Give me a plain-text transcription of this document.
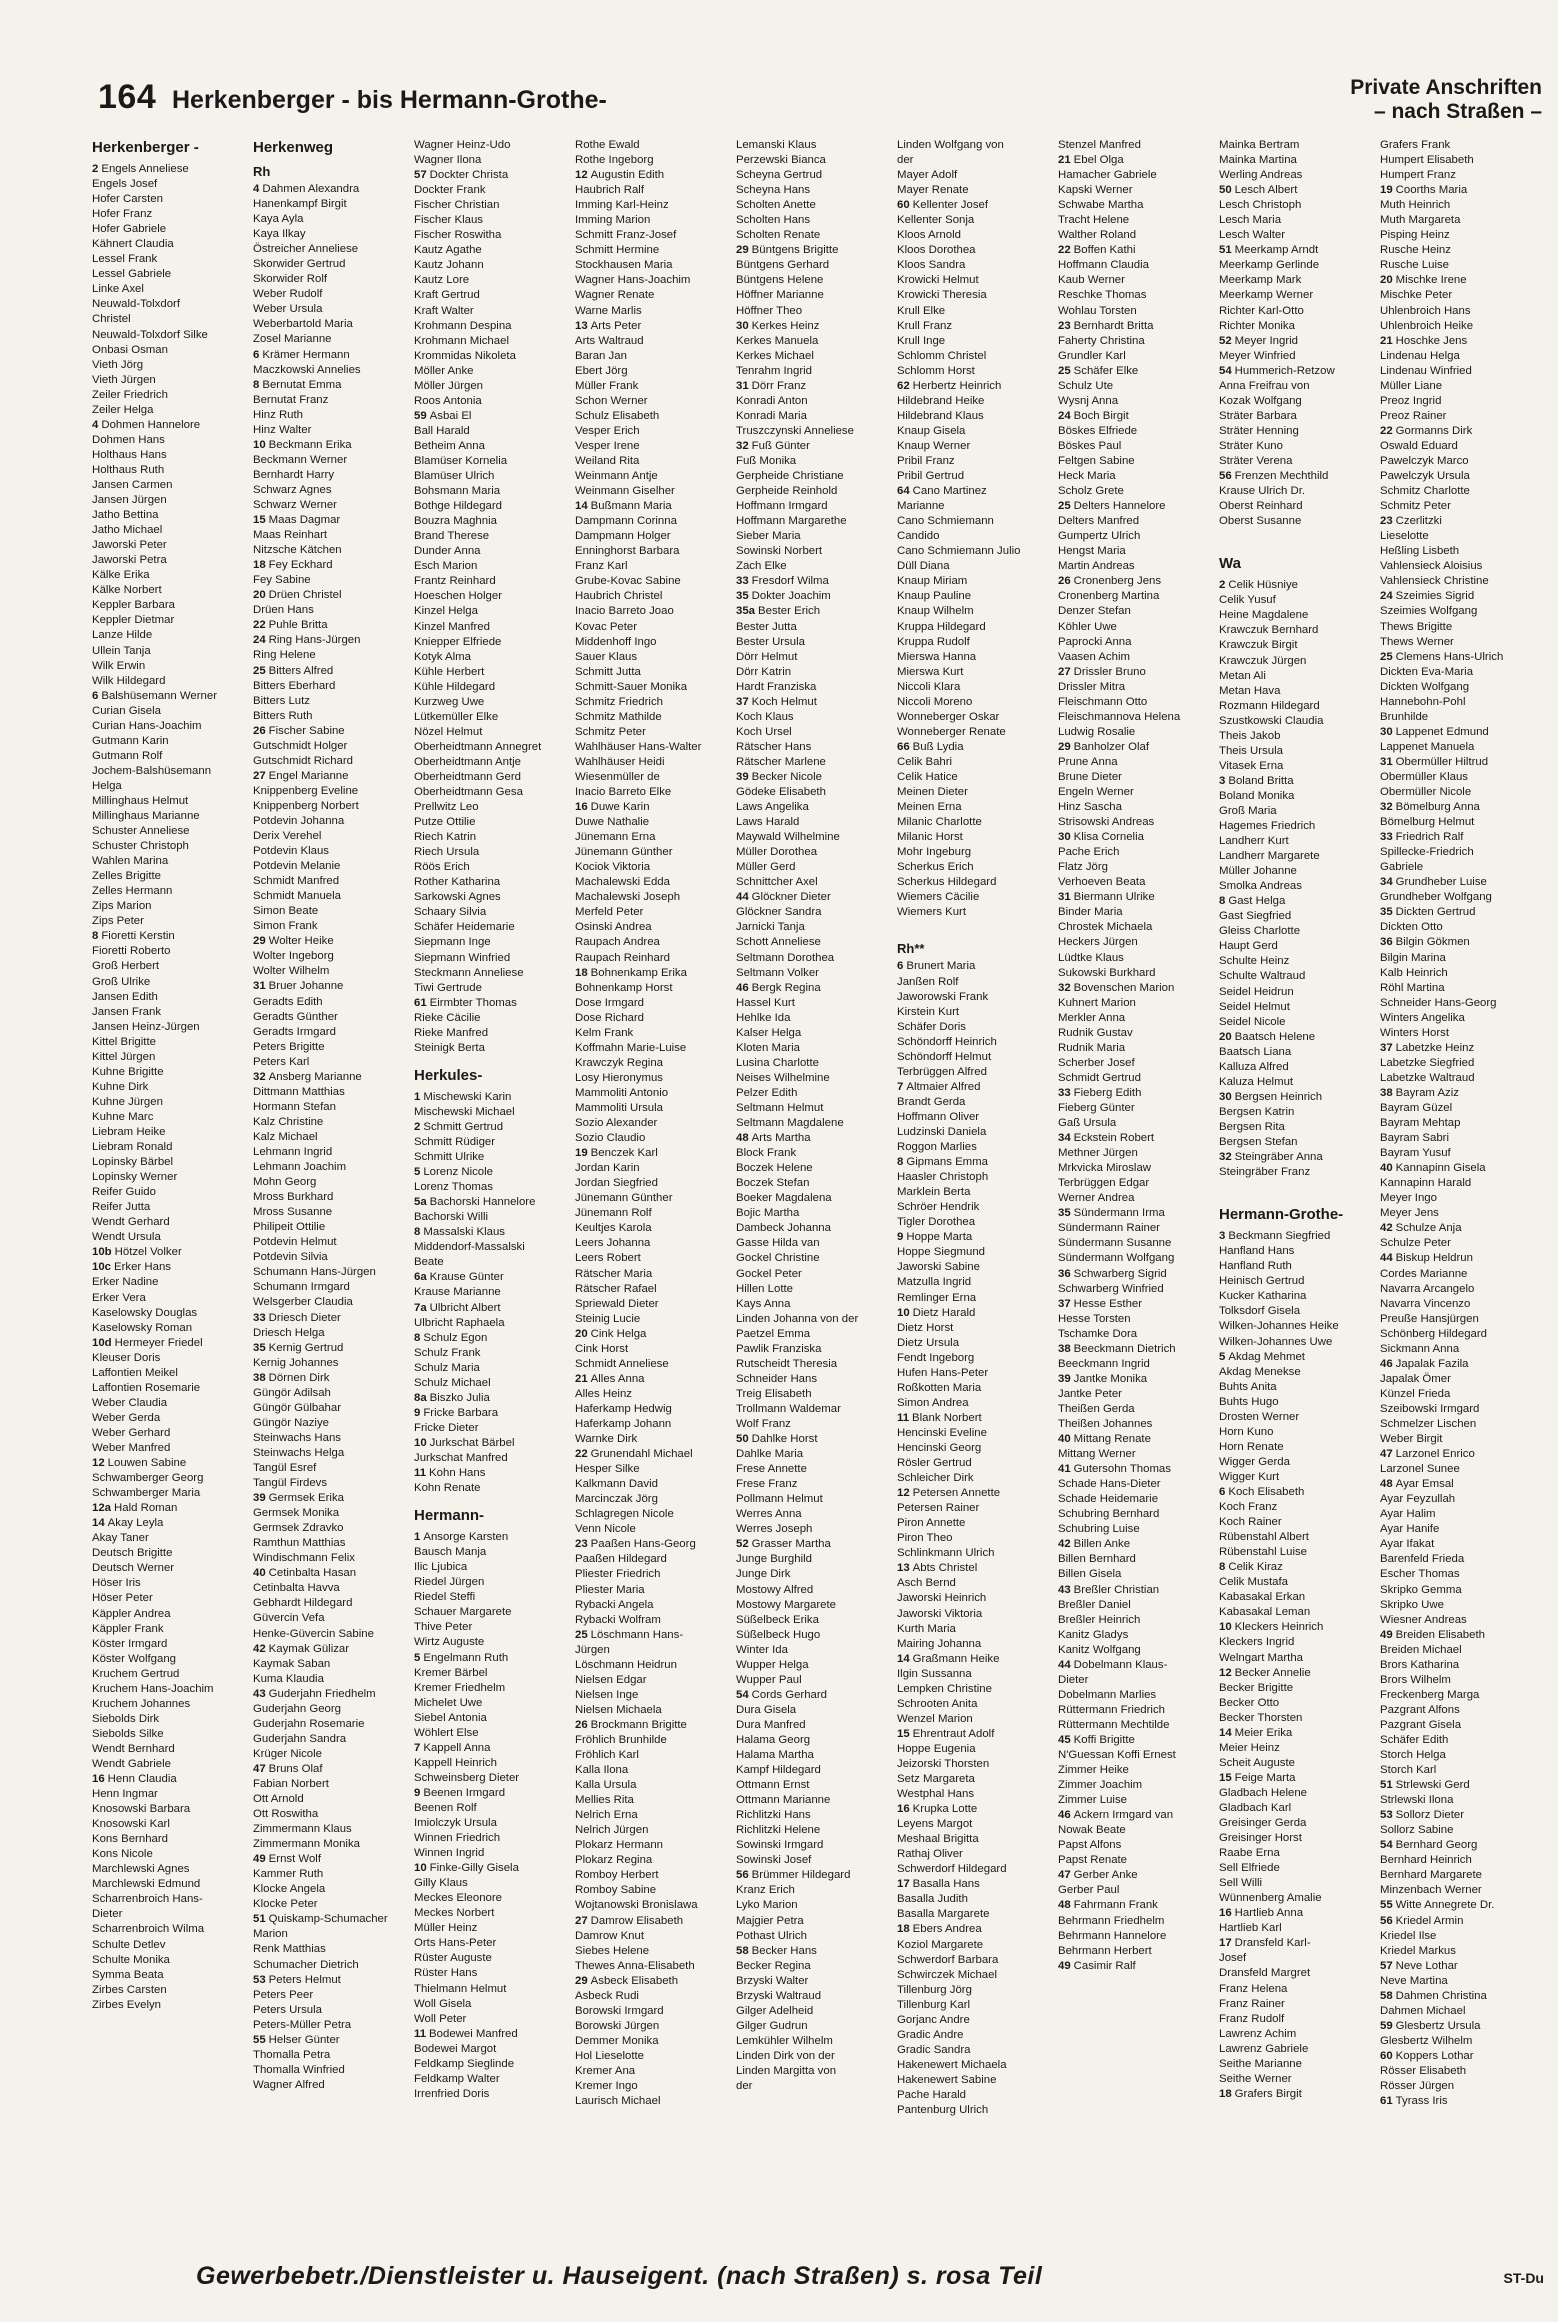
164 Herkenberger - bis Hermann-Grothe-	Private Anschriften
– nach Straßen –
Herkenberger -
2 Engels Anneliese
Engels Josef
Hofer Carsten
Hofer Franz
Hofer Gabriele
Kähnert Claudia
Lessel Frank
Lessel Gabriele
Linke Axel
Neuwald-Tolxdorf
Christel
Neuwald-Tolxdorf Silke
Onbasi Osman
Vieth Jörg
Vieth Jürgen
Zeiler Friedrich
Zeiler Helga
4 Dohmen Hannelore
Dohmen Hans
Holthaus Hans
Holthaus Ruth
Jansen Carmen
Jansen Jürgen
Jatho Bettina
Jatho Michael
Jaworski Peter
Jaworski Petra
Kälke Erika
Kälke Norbert
Keppler Barbara
Keppler Dietmar
Lanze Hilde
Ullein Tanja
Wilk Erwin
Wilk Hildegard
6 Balshüsemann Werner
Curian Gisela
Curian Hans-Joachim
Gutmann Karin
Gutmann Rolf
Jochem-Balshüsemann
Helga
Millinghaus Helmut
Millinghaus Marianne
Schuster Anneliese
Schuster Christoph
Wahlen Marina
Zelles Brigitte
Zelles Hermann
Zips Marion
Zips Peter
8 Fioretti Kerstin
Fioretti Roberto
Groß Herbert
Groß Ulrike
Jansen Edith
Jansen Frank
Jansen Heinz-Jürgen
Kittel Brigitte
Kittel Jürgen
Kuhne Brigitte
Kuhne Dirk
Kuhne Jürgen
Kuhne Marc
Liebram Heike
Liebram Ronald
Lopinsky Bärbel
Lopinsky Werner
Reifer Guido
Reifer Jutta
Wendt Gerhard
Wendt Ursula
10b Hötzel Volker
10c Erker Hans
Erker Nadine
Erker Vera
Kaselowsky Douglas
Kaselowsky Roman
10d Hermeyer Friedel
Kleuser Doris
Laffontien Meikel
Laffontien Rosemarie
Weber Claudia
Weber Gerda
Weber Gerhard
Weber Manfred
12 Louwen Sabine
Schwamberger Georg
Schwamberger Maria
12a Hald Roman
14 Akay Leyla
Akay Taner
Deutsch Brigitte
Deutsch Werner
Höser Iris
Höser Peter
Käppler Andrea
Käppler Frank
Köster Irmgard
Köster Wolfgang
Kruchem Gertrud
Kruchem Hans-Joachim
Kruchem Johannes
Siebolds Dirk
Siebolds Silke
Wendt Bernhard
Wendt Gabriele
16 Henn Claudia
Henn Ingmar
Knosowski Barbara
Knosowski Karl
Kons Bernhard
Kons Nicole
Marchlewski Agnes
Marchlewski Edmund
Scharrenbroich Hans-
Dieter
Scharrenbroich Wilma
Schulte Detlev
Schulte Monika
Symma Beata
Zirbes Carsten
Zirbes Evelyn
Herkenweg
Rh
4 Dahmen Alexandra
Hanenkampf Birgit
Kaya Ayla
Kaya Ilkay
Östreicher Anneliese
Skorwider Gertrud
Skorwider Rolf
Weber Rudolf
Weber Ursula
Weberbartold Maria
Zosel Marianne
6 Krämer Hermann
Maczkowski Annelies
8 Bernutat Emma
Bernutat Franz
Hinz Ruth
Hinz Walter
10 Beckmann Erika
Beckmann Werner
Bernhardt Harry
Schwarz Agnes
Schwarz Werner
15 Maas Dagmar
Maas Reinhart
Nitzsche Kätchen
18 Fey Eckhard
Fey Sabine
20 Drüen Christel
Drüen Hans
22 Puhle Britta
24 Ring Hans-Jürgen
Ring Helene
25 Bitters Alfred
Bitters Eberhard
Bitters Lutz
Bitters Ruth
26 Fischer Sabine
Gutschmidt Holger
Gutschmidt Richard
27 Engel Marianne
Knippenberg Eveline
Knippenberg Norbert
Potdevin Johanna
Derix Verehel
Potdevin Klaus
Potdevin Melanie
Schmidt Manfred
Schmidt Manuela
Simon Beate
Simon Frank
29 Wolter Heike
Wolter Ingeborg
Wolter Wilhelm
31 Bruer Johanne
Geradts Edith
Geradts Günther
Geradts Irmgard
Peters Brigitte
Peters Karl
32 Ansberg Marianne
Dittmann Matthias
Hormann Stefan
Kalz Christine
Kalz Michael
Lehmann Ingrid
Lehmann Joachim
Mohn Georg
Mross Burkhard
Mross Susanne
Philipeit Ottilie
Potdevin Helmut
Potdevin Silvia
Schumann Hans-Jürgen
Schumann Irmgard
Welsgerber Claudia
33 Driesch Dieter
Driesch Helga
35 Kernig Gertrud
Kernig Johannes
38 Dörnen Dirk
Güngör Adilsah
Güngör Gülbahar
Güngör Naziye
Steinwachs Hans
Steinwachs Helga
Tangül Esref
Tangül Firdevs
39 Germsek Erika
Germsek Monika
Germsek Zdravko
Ramthun Matthias
Windischmann Felix
40 Cetinbalta Hasan
Cetinbalta Havva
Gebhardt Hildegard
Güvercin Vefa
Henke-Güvercin Sabine
42 Kaymak Gülizar
Kaymak Saban
Kuma Klaudia
43 Guderjahn Friedhelm
Guderjahn Georg
Guderjahn Rosemarie
Guderjahn Sandra
Krüger Nicole
47 Bruns Olaf
Fabian Norbert
Ott Arnold
Ott Roswitha
Zimmermann Klaus
Zimmermann Monika
49 Ernst Wolf
Kammer Ruth
Klocke Angela
Klocke Peter
51 Quiskamp-Schumacher
Marion
Renk Matthias
Schumacher Dietrich
53 Peters Helmut
Peters Peer
Peters Ursula
Peters-Müller Petra
55 Helser Günter
Thomalla Petra
Thomalla Winfried
Wagner Alfred
Wagner Heinz-Udo
Wagner Ilona
57 Dockter Christa
Dockter Frank
Fischer Christian
Fischer Klaus
Fischer Roswitha
Kautz Agathe
Kautz Johann
Kautz Lore
Kraft Gertrud
Kraft Walter
Krohmann Despina
Krohmann Michael
Krommidas Nikoleta
Möller Anke
Möller Jürgen
Roos Antonia
59 Asbai El
Ball Harald
Betheim Anna
Blamüser Kornelia
Blamüser Ulrich
Bohsmann Maria
Bothge Hildegard
Bouzra Maghnia
Brand Therese
Dunder Anna
Esch Marion
Frantz Reinhard
Hoeschen Holger
Kinzel Helga
Kinzel Manfred
Kniepper Elfriede
Kotyk Alma
Kühle Herbert
Kühle Hildegard
Kurzweg Uwe
Lütkemüller Elke
Nözel Helmut
Oberheidtmann Annegret
Oberheidtmann Antje
Oberheidtmann Gerd
Oberheidtmann Gesa
Prellwitz Leo
Putze Ottilie
Riech Katrin
Riech Ursula
Röös Erich
Rother Katharina
Sarkowski Agnes
Schaary Silvia
Schäfer Heidemarie
Siepmann Inge
Siepmann Winfried
Steckmann Anneliese
Tiwi Gertrude
61 Eirmbter Thomas
Rieke Cäcilie
Rieke Manfred
Steinigk Berta
Herkules-
1 Mischewski Karin
Mischewski Michael
2 Schmitt Gertrud
Schmitt Rüdiger
Schmitt Ulrike
5 Lorenz Nicole
Lorenz Thomas
5a Bachorski Hannelore
Bachorski Willi
8 Massalski Klaus
Middendorf-Massalski
Beate
6a Krause Günter
Krause Marianne
7a Ulbricht Albert
Ulbricht Raphaela
8 Schulz Egon
Schulz Frank
Schulz Maria
Schulz Michael
8a Biszko Julia
9 Fricke Barbara
Fricke Dieter
10 Jurkschat Bärbel
Jurkschat Manfred
11 Kohn Hans
Kohn Renate
Hermann-
1 Ansorge Karsten
Bausch Manja
Ilic Ljubica
Riedel Jürgen
Riedel Steffi
Schauer Margarete
Thive Peter
Wirtz Auguste
5 Engelmann Ruth
Kremer Bärbel
Kremer Friedhelm
Michelet Uwe
Siebel Antonia
Wöhlert Else
7 Kappell Anna
Kappell Heinrich
Schweinsberg Dieter
9 Beenen Irmgard
Beenen Rolf
Imiolczyk Ursula
Winnen Friedrich
Winnen Ingrid
10 Finke-Gilly Gisela
Gilly Klaus
Meckes Eleonore
Meckes Norbert
Müller Heinz
Orts Hans-Peter
Rüster Auguste
Rüster Hans
Thielmann Helmut
Woll Gisela
Woll Peter
11 Bodewei Manfred
Bodewei Margot
Feldkamp Sieglinde
Feldkamp Walter
Irrenfried Doris
Rothe Ewald
Rothe Ingeborg
12 Augustin Edith
Haubrich Ralf
Imming Karl-Heinz
Imming Marion
Schmitt Franz-Josef
Schmitt Hermine
Stockhausen Maria
Wagner Hans-Joachim
Wagner Renate
Warne Marlis
13 Arts Peter
Arts Waltraud
Baran Jan
Ebert Jörg
Müller Frank
Schon Werner
Schulz Elisabeth
Vesper Erich
Vesper Irene
Weiland Rita
Weinmann Antje
Weinmann Giselher
14 Bußmann Maria
Dampmann Corinna
Dampmann Holger
Enninghorst Barbara
Franz Karl
Grube-Kovac Sabine
Haubrich Christel
Inacio Barreto Joao
Kovac Peter
Middenhoff Ingo
Sauer Klaus
Schmitt Jutta
Schmitt-Sauer Monika
Schmitz Friedrich
Schmitz Mathilde
Schmitz Peter
Wahlhäuser Hans-Walter
Wahlhäuser Heidi
Wiesenmüller de
Inacio Barreto Elke
16 Duwe Karin
Duwe Nathalie
Jünemann Erna
Jünemann Günther
Kociok Viktoria
Machalewski Edda
Machalewski Joseph
Merfeld Peter
Osinski Andrea
Raupach Andrea
Raupach Reinhard
18 Bohnenkamp Erika
Bohnenkamp Horst
Dose Irmgard
Dose Richard
Kelm Frank
Koffmahn Marie-Luise
Krawczyk Regina
Losy Hieronymus
Mammoliti Antonio
Mammoliti Ursula
Sozio Alexander
Sozio Claudio
19 Benczek Karl
Jordan Karin
Jordan Siegfried
Jünemann Günther
Jünemann Rolf
Keultjes Karola
Leers Johanna
Leers Robert
Rätscher Maria
Rätscher Rafael
Spriewald Dieter
Steinig Lucie
20 Cink Helga
Cink Horst
Schmidt Anneliese
21 Alles Anna
Alles Heinz
Haferkamp Hedwig
Haferkamp Johann
Warnke Dirk
22 Grunendahl Michael
Hesper Silke
Kalkmann David
Marcinczak Jörg
Schlagregen Nicole
Venn Nicole
23 Paaßen Hans-Georg
Paaßen Hildegard
Pliester Friedrich
Pliester Maria
Rybacki Angela
Rybacki Wolfram
25 Löschmann Hans-
Jürgen
Löschmann Heidrun
Nielsen Edgar
Nielsen Inge
Nielsen Michaela
26 Brockmann Brigitte
Fröhlich Brunhilde
Fröhlich Karl
Kalla Ilona
Kalla Ursula
Mellies Rita
Nelrich Erna
Nelrich Jürgen
Plokarz Hermann
Plokarz Regina
Romboy Herbert
Romboy Sabine
Wojtanowski Bronislawa
27 Damrow Elisabeth
Damrow Knut
Siebes Helene
Thewes Anna-Elisabeth
29 Asbeck Elisabeth
Asbeck Rudi
Borowski Irmgard
Borowski Jürgen
Demmer Monika
Hol Lieselotte
Kremer Ana
Kremer Ingo
Laurisch Michael
Lemanski Klaus
Perzewski Bianca
Scheyna Gertrud
Scheyna Hans
Scholten Anette
Scholten Hans
Scholten Renate
29 Büntgens Brigitte
Büntgens Gerhard
Büntgens Helene
Höffner Marianne
Höffner Theo
30 Kerkes Heinz
Kerkes Manuela
Kerkes Michael
Tenrahm Ingrid
31 Dörr Franz
Konradi Anton
Konradi Maria
Truszczynski Anneliese
32 Fuß Günter
Fuß Monika
Gerpheide Christiane
Gerpheide Reinhold
Hoffmann Irmgard
Hoffmann Margarethe
Sieber Maria
Sowinski Norbert
Zach Elke
33 Fresdorf Wilma
35 Dokter Joachim
35a Bester Erich
Bester Jutta
Bester Ursula
Dörr Helmut
Dörr Katrin
Hardt Franziska
37 Koch Helmut
Koch Klaus
Koch Ursel
Rätscher Hans
Rätscher Marlene
39 Becker Nicole
Gödeke Elisabeth
Laws Angelika
Laws Harald
Maywald Wilhelmine
Müller Dorothea
Müller Gerd
Schnittcher Axel
44 Glöckner Dieter
Glöckner Sandra
Jarnicki Tanja
Schott Anneliese
Seltmann Dorothea
Seltmann Volker
46 Bergk Regina
Hassel Kurt
Hehlke Ida
Kalser Helga
Kloten Maria
Lusina Charlotte
Neises Wilhelmine
Pelzer Edith
Seltmann Helmut
Seltmann Magdalene
48 Arts Martha
Block Frank
Boczek Helene
Boczek Stefan
Boeker Magdalena
Bojic Martha
Dambeck Johanna
Gasse Hilda van
Gockel Christine
Gockel Peter
Hillen Lotte
Kays Anna
Linden Johanna von der
Paetzel Emma
Pawlik Franziska
Rutscheidt Theresia
Schneider Hans
Treig Elisabeth
Trollmann Waldemar
Wolf Franz
50 Dahlke Horst
Dahlke Maria
Frese Annette
Frese Franz
Pollmann Helmut
Werres Anna
Werres Joseph
52 Grasser Martha
Junge Burghild
Junge Dirk
Mostowy Alfred
Mostowy Margarete
Süßelbeck Erika
Süßelbeck Hugo
Winter Ida
Wupper Helga
Wupper Paul
54 Cords Gerhard
Dura Gisela
Dura Manfred
Halama Georg
Halama Martha
Kampf Hildegard
Ottmann Ernst
Ottmann Marianne
Richlitzki Hans
Richlitzki Helene
Sowinski Irmgard
Sowinski Josef
56 Brümmer Hildegard
Kranz Erich
Lyko Marion
Majgier Petra
Pothast Ulrich
58 Becker Hans
Becker Regina
Brzyski Walter
Brzyski Waltraud
Gilger Adelheid
Gilger Gudrun
Lemkühler Wilhelm
Linden Dirk von der
Linden Margitta von
der
Linden Wolfgang von
der
Mayer Adolf
Mayer Renate
60 Kellenter Josef
Kellenter Sonja
Kloos Arnold
Kloos Dorothea
Kloos Sandra
Krowicki Helmut
Krowicki Theresia
Krull Elke
Krull Franz
Krull Inge
Schlomm Christel
Schlomm Horst
62 Herbertz Heinrich
Hildebrand Heike
Hildebrand Klaus
Knaup Gisela
Knaup Werner
Pribil Franz
Pribil Gertrud
64 Cano Martinez
Marianne
Cano Schmiemann
Candido
Cano Schmiemann Julio
Düll Diana
Knaup Miriam
Knaup Pauline
Knaup Wilhelm
Kruppa Hildegard
Kruppa Rudolf
Mierswa Hanna
Mierswa Kurt
Niccoli Klara
Niccoli Moreno
Wonneberger Oskar
Wonneberger Renate
66 Buß Lydia
Celik Bahri
Celik Hatice
Meinen Dieter
Meinen Erna
Milanic Charlotte
Milanic Horst
Mohr Ingeburg
Scherkus Erich
Scherkus Hildegard
Wiemers Cäcilie
Wiemers Kurt

Rh**
6 Brunert Maria
Janßen Rolf
Jaworowski Frank
Kirstein Kurt
Schäfer Doris
Schöndorff Heinrich
Schöndorff Helmut
Terbrüggen Alfred
7 Altmaier Alfred
Brandt Gerda
Hoffmann Oliver
Ludzinski Daniela
Roggon Marlies
8 Gipmans Emma
Haasler Christoph
Marklein Berta
Schröer Hendrik
Tigler Dorothea
9 Hoppe Marta
Hoppe Siegmund
Jaworski Sabine
Matzulla Ingrid
Remlinger Erna
10 Dietz Harald
Dietz Horst
Dietz Ursula
Fendt Ingeborg
Hufen Hans-Peter
Roßkotten Maria
Simon Andrea
11 Blank Norbert
Hencinski Eveline
Hencinski Georg
Rösler Gertrud
Schleicher Dirk
12 Petersen Annette
Petersen Rainer
Piron Annette
Piron Theo
Schlinkmann Ulrich
13 Abts Christel
Asch Bernd
Jaworski Heinrich
Jaworski Viktoria
Kurth Maria
Mairing Johanna
14 Graßmann Heike
Ilgin Sussanna
Lempken Christine
Schrooten Anita
Wenzel Marion
15 Ehrentraut Adolf
Hoppe Eugenia
Jeizorski Thorsten
Setz Margareta
Westphal Hans
16 Krupka Lotte
Leyens Margot
Meshaal Brigitta
Rathaj Oliver
Schwerdorf Hildegard
17 Basalla Hans
Basalla Judith
Basalla Margarete
18 Ebers Andrea
Koziol Margarete
Schwerdorf Barbara
Schwirczek Michael
Tillenburg Jörg
Tillenburg Karl
Gorjanc Andre
Gradic Andre
Gradic Sandra
Hakenewert Michaela
Hakenewert Sabine
Pache Harald
Pantenburg Ulrich
Stenzel Manfred
21 Ebel Olga
Hamacher Gabriele
Kapski Werner
Schwabe Martha
Tracht Helene
Walther Roland
22 Boffen Kathi
Hoffmann Claudia
Kaub Werner
Reschke Thomas
Wohlau Torsten
23 Bernhardt Britta
Faherty Christina
Grundler Karl
25 Schäfer Elke
Schulz Ute
Wysnj Anna
24 Boch Birgit
Böskes Elfriede
Böskes Paul
Feltgen Sabine
Heck Maria
Scholz Grete
25 Delters Hannelore
Delters Manfred
Gumpertz Ulrich
Hengst Maria
Martin Andreas
26 Cronenberg Jens
Cronenberg Martina
Denzer Stefan
Köhler Uwe
Paprocki Anna
Vaasen Achim
27 Drissler Bruno
Drissler Mitra
Fleischmann Otto
Fleischmannova Helena
Ludwig Rosalie
29 Banholzer Olaf
Prune Anna
Brune Dieter
Engeln Werner
Hinz Sascha
Strisowski Andreas
30 Klisa Cornelia
Pache Erich
Flatz Jörg
Verhoeven Beata
31 Biermann Ulrike
Binder Maria
Chrostek Michaela
Heckers Jürgen
Lüdtke Klaus
Sukowski Burkhard
32 Bovenschen Marion
Kuhnert Marion
Merkler Anna
Rudnik Gustav
Rudnik Maria
Scherber Josef
Schmidt Gertrud
33 Fieberg Edith
Fieberg Günter
Gaß Ursula
34 Eckstein Robert
Methner Jürgen
Mrkvicka Miroslaw
Terbrüggen Edgar
Werner Andrea
35 Sündermann Irma
Sündermann Rainer
Sündermann Susanne
Sündermann Wolfgang
36 Schwarberg Sigrid
Schwarberg Winfried
37 Hesse Esther
Hesse Torsten
Tschamke Dora
38 Beeckmann Dietrich
Beeckmann Ingrid
39 Jantke Monika
Jantke Peter
Theißen Gerda
Theißen Johannes
40 Mittang Renate
Mittang Werner
41 Gutersohn Thomas
Schade Hans-Dieter
Schade Heidemarie
Schubring Bernhard
Schubring Luise
42 Billen Anke
Billen Bernhard
Billen Gisela
43 Breßler Christian
Breßler Daniel
Breßler Heinrich
Kanitz Gladys
Kanitz Wolfgang
44 Dobelmann Klaus-
Dieter
Dobelmann Marlies
Rüttermann Friedrich
Rüttermann Mechtilde
45 Koffi Brigitte
N'Guessan Koffi Ernest
Zimmer Heike
Zimmer Joachim
Zimmer Luise
46 Ackern Irmgard van
Nowak Beate
Papst Alfons
Papst Renate
47 Gerber Anke
Gerber Paul
48 Fahrmann Frank
Behrmann Friedhelm
Behrmann Hannelore
Behrmann Herbert
49 Casimir Ralf
Mainka Bertram
Mainka Martina
Werling Andreas
50 Lesch Albert
Lesch Christoph
Lesch Maria
Lesch Walter
51 Meerkamp Arndt
Meerkamp Gerlinde
Meerkamp Mark
Meerkamp Werner
Richter Karl-Otto
Richter Monika
52 Meyer Ingrid
Meyer Winfried
54 Hummerich-Retzow
Anna Freifrau von
Kozak Wolfgang
Sträter Barbara
Sträter Henning
Sträter Kuno
Sträter Verena
56 Frenzen Mechthild
Krause Ulrich Dr.
Oberst Reinhard
Oberst Susanne

Wa
2 Celik Hüsniye
Celik Yusuf
Heine Magdalene
Krawczuk Bernhard
Krawczuk Birgit
Krawczuk Jürgen
Metan Ali
Metan Hava
Rozmann Hildegard
Szustkowski Claudia
Theis Jakob
Theis Ursula
Vitasek Erna
3 Boland Britta
Boland Monika
Groß Maria
Hagemes Friedrich
Landherr Kurt
Landherr Margarete
Müller Johanne
Smolka Andreas
8 Gast Helga
Gast Siegfried
Gleiss Charlotte
Haupt Gerd
Schulte Heinz
Schulte Waltraud
Seidel Heidrun
Seidel Helmut
Seidel Nicole
20 Baatsch Helene
Baatsch Liana
Kalluza Alfred
Kaluza Helmut
30 Bergsen Heinrich
Bergsen Katrin
Bergsen Rita
Bergsen Stefan
32 Steingräber Anna
Steingräber Franz

Hermann-Grothe-
3 Beckmann Siegfried
Hanfland Hans
Hanfland Ruth
Heinisch Gertrud
Kucker Katharina
Tolksdorf Gisela
Wilken-Johannes Heike
Wilken-Johannes Uwe
5 Akdag Mehmet
Akdag Menekse
Buhts Anita
Buhts Hugo
Drosten Werner
Horn Kuno
Horn Renate
Wigger Gerda
Wigger Kurt
6 Koch Elisabeth
Koch Franz
Koch Rainer
Rübenstahl Albert
Rübenstahl Luise
8 Celik Kiraz
Celik Mustafa
Kabasakal Erkan
Kabasakal Leman
10 Kleckers Heinrich
Kleckers Ingrid
Welngart Martha
12 Becker Annelie
Becker Brigitte
Becker Otto
Becker Thorsten
14 Meier Erika
Meier Heinz
Scheit Auguste
15 Feige Marta
Gladbach Helene
Gladbach Karl
Greisinger Gerda
Greisinger Horst
Raabe Erna
Sell Elfriede
Sell Willi
Wünnenberg Amalie
16 Hartlieb Anna
Hartlieb Karl
17 Dransfeld Karl-
Josef
Dransfeld Margret
Franz Helena
Franz Rainer
Franz Rudolf
Lawrenz Achim
Lawrenz Gabriele
Seithe Marianne
Seithe Werner
18 Grafers Birgit
Grafers Frank
Humpert Elisabeth
Humpert Franz
19 Coorths Maria
Muth Heinrich
Muth Margareta
Pisping Heinz
Rusche Heinz
Rusche Luise
20 Mischke Irene
Mischke Peter
Uhlenbroich Hans
Uhlenbroich Heike
21 Hoschke Jens
Lindenau Helga
Lindenau Winfried
Müller Liane
Preoz Ingrid
Preoz Rainer
22 Gormanns Dirk
Oswald Eduard
Pawelczyk Marco
Pawelczyk Ursula
Schmitz Charlotte
Schmitz Peter
23 Czerlitzki
Lieselotte
Heßling Lisbeth
Vahlensieck Aloisius
Vahlensieck Christine
24 Szeimies Sigrid
Szeimies Wolfgang
Thews Brigitte
Thews Werner
25 Clemens Hans-Ulrich
Dickten Eva-Maria
Dickten Wolfgang
Hannebohn-Pohl
Brunhilde
30 Lappenet Edmund
Lappenet Manuela
31 Obermüller Hiltrud
Obermüller Klaus
Obermüller Nicole
32 Bömelburg Anna
Bömelburg Helmut
33 Friedrich Ralf
Spillecke-Friedrich
Gabriele
34 Grundheber Luise
Grundheber Wolfgang
35 Dickten Gertrud
Dickten Otto
36 Bilgin Gökmen
Bilgin Marina
Kalb Heinrich
Röhl Martina
Schneider Hans-Georg
Winters Angelika
Winters Horst
37 Labetzke Heinz
Labetzke Siegfried
Labetzke Waltraud
38 Bayram Aziz
Bayram Güzel
Bayram Mehtap
Bayram Sabri
Bayram Yusuf
40 Kannapinn Gisela
Kannapinn Harald
Meyer Ingo
Meyer Jens
42 Schulze Anja
Schulze Peter
44 Biskup Heldrun
Cordes Marianne
Navarra Arcangelo
Navarra Vincenzo
Preuße Hansjürgen
Schönberg Hildegard
Sickmann Anna
46 Japalak Fazila
Japalak Ömer
Künzel Frieda
Szeibowski Irmgard
Schmelzer Lischen
Weber Birgit
47 Larzonel Enrico
Larzonel Sunee
48 Ayar Emsal
Ayar Feyzullah
Ayar Halim
Ayar Hanife
Ayar Ifakat
Barenfeld Frieda
Escher Thomas
Skripko Gemma
Skripko Uwe
Wiesner Andreas
49 Breiden Elisabeth
Breiden Michael
Brors Katharina
Brors Wilhelm
Freckenberg Marga
Pazgrant Alfons
Pazgrant Gisela
Schäfer Edith
Storch Helga
Storch Karl
51 Strlewski Gerd
Strlewski Ilona
53 Sollorz Dieter
Sollorz Sabine
54 Bernhard Georg
Bernhard Heinrich
Bernhard Margarete
Minzenbach Werner
55 Witte Annegrete Dr.
56 Kriedel Armin
Kriedel Ilse
Kriedel Markus
57 Neve Lothar
Neve Martina
58 Dahmen Christina
Dahmen Michael
59 Glesbertz Ursula
Glesbertz Wilhelm
60 Koppers Lothar
Rösser Elisabeth
Rösser Jürgen
61 Tyrass Iris
Gewerbebetr./Dienstleister u. Hauseigent. (nach Straßen) s. rosa Teil	ST-Du
